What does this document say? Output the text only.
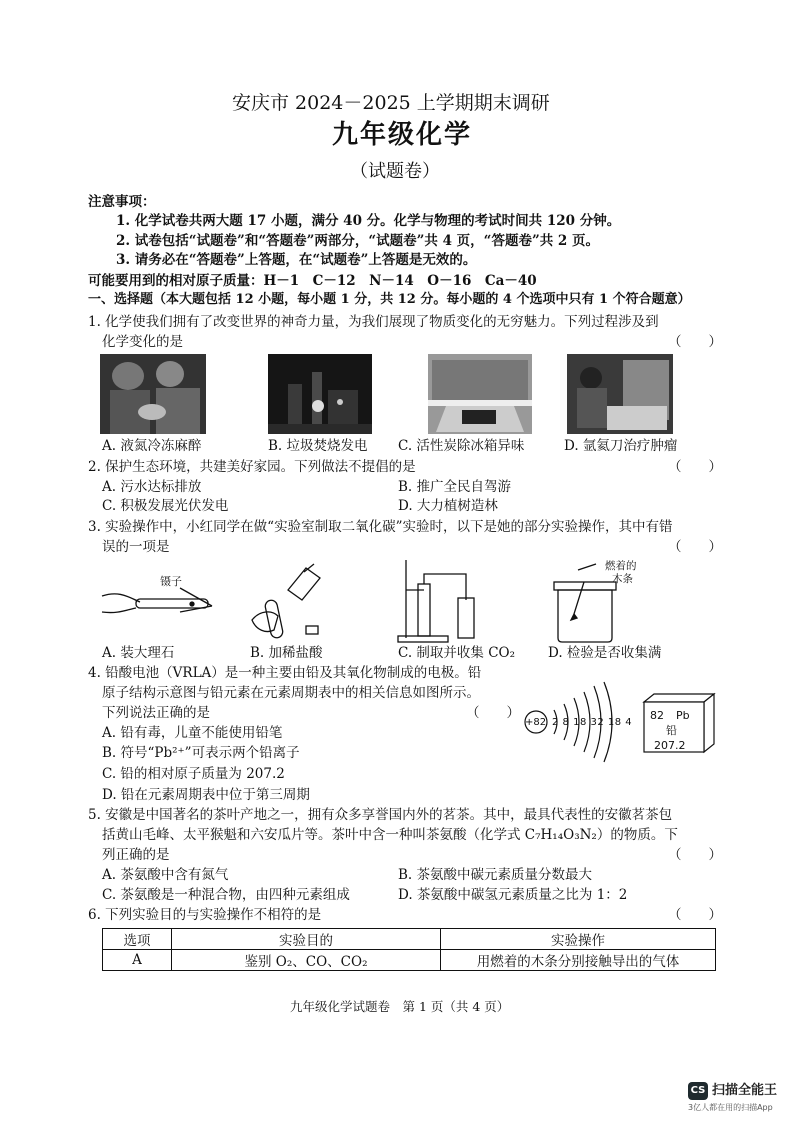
安庆市 2024－2025 上学期期末调研
九年级化学
（试题卷）
注意事项：
1. 化学试卷共两大题 17 小题，满分 40 分。化学与物理的考试时间共 120 分钟。
2. 试卷包括“试题卷”和“答题卷”两部分，“试题卷”共 4 页，“答题卷”共 2 页。
3. 请务必在“答题卷”上答题，在“试题卷”上答题是无效的。
可能要用到的相对原子质量：H－1　C－12　N－14　O－16　Ca－40
一、选择题（本大题包括 12 小题，每小题 1 分，共 12 分。每小题的 4 个选项中只有 1 个符合题意）
1. 化学使我们拥有了改变世界的神奇力量，为我们展现了物质变化的无穷魅力。下列过程涉及到
化学变化的是	（　　）
A. 液氮冷冻麻醉	B. 垃圾焚烧发电 C. 活性炭除冰箱异味	D. 氩氦刀治疗肿瘤
2. 保护生态环境，共建美好家园。下列做法不提倡的是	（　　）
A. 污水达标排放	B. 推广全民自驾游
C. 积极发展光伏发电	D. 大力植树造林
3. 实验操作中，小红同学在做“实验室制取二氧化碳”实验时，以下是她的部分实验操作，其中有错
误的一项是	（　　）
镊子
燃着的
木条
A. 装大理石	B. 加稀盐酸	C. 制取并收集 CO₂ D. 检验是否收集满
4. 铅酸电池（VRLA）是一种主要由铅及其氧化物制成的电极。铅
原子结构示意图与铅元素在元素周期表中的相关信息如图所示。
下列说法正确的是	（　　）
A. 铅有毒，儿童不能使用铅笔
B. 符号“Pb²⁺”可表示两个铅离子
C. 铅的相对原子质量为 207.2
D. 铅在元素周期表中位于第三周期
+82 2 8 18 32 18 4
82 Pb
铅
207.2
5. 安徽是中国著名的茶叶产地之一，拥有众多享誉国内外的茗茶。其中，最具代表性的安徽茗茶包
括黄山毛峰、太平猴魁和六安瓜片等。茶叶中含一种叫茶氨酸（化学式 C₇H₁₄O₃N₂）的物质。下
列正确的是	（　　）
A. 茶氨酸中含有氮气	B. 茶氨酸中碳元素质量分数最大
C. 茶氨酸是一种混合物，由四种元素组成	D. 茶氨酸中碳氢元素质量之比为 1：2
6. 下列实验目的与实验操作不相符的是	（　　）
选项	实验目的	实验操作
A	鉴别 O₂、CO、CO₂	用燃着的木条分别接触导出的气体
九年级化学试题卷　第 1 页（共 4 页）
CS 扫描全能王
3亿人都在用的扫描App
